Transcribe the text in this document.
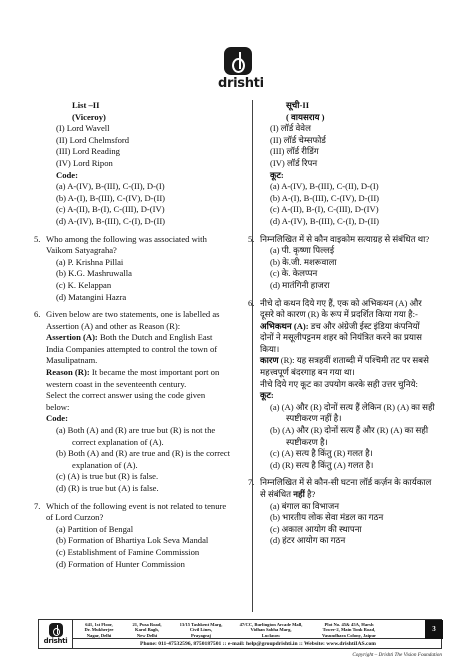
drishti
List –II
(Viceroy)
(I) Lord Wavell
(II) Lord Chelmsford
(III) Lord Reading
(IV) Lord Ripon
Code:
(a) A-(IV), B-(III), C-(II), D-(I)
(b) A-(I), B-(III), C-(IV), D-(II)
(c) A-(II), B-(I), C-(III), D-(IV)
(d) A-(IV), B-(III), C-(I), D-(II)
5. Who among the following was associated with
Vaikom Satyagraha?
(a) P. Krishna Pillai
(b) K.G. Mashruwalla
(c) K. Kelappan
(d) Matangini Hazra
6. Given below are two statements, one is labelled as
Assertion (A) and other as Reason (R):
Assertion (A): Both the Dutch and English East
India Companies attempted to control the town of
Masulipatnam.
Reason (R): It became the most important port on
western coast in the seventeenth century.
Select the correct answer using the code given
below:
Code:
(a) Both (A) and (R) are true but (R) is not the
correct explanation of (A).
(b) Both (A) and (R) are true and (R) is the correct
explanation of (A).
(c) (A) is true but (R) is false.
(d) (R) is true but (A) is false.
7. Which of the following event is not related to tenure
of Lord Curzon?
(a) Partition of Bengal
(b) Formation of Bhartiya Lok Seva Mandal
(c) Establishment of Famine Commission
(d) Formation of Hunter Commission
सूची-II
( वायसराय )
(I) लॉर्ड वेवेल
(II) लॉर्ड चेम्सफोर्ड
(III) लॉर्ड रीडिंग
(IV) लॉर्ड रिपन
कूट:
(a) A-(IV), B-(III), C-(II), D-(I)
(b) A-(I), B-(III), C-(IV), D-(II)
(c) A-(II), B-(I), C-(III), D-(IV)
(d) A-(IV), B-(III), C-(I), D-(II)
5. निम्नलिखित में से कौन वाइकोम सत्याग्रह से संबंधित था?
(a) पी. कृष्णा पिल्लई
(b) के.जी. मशरूवाला
(c) के. केलप्पन
(d) मातंगिनी हाजरा
6. नीचे दो कथन दिये गए हैं, एक को अभिकथन (A) और
दूसरे को कारण (R) के रूप में प्रदर्शित किया गया है:-
अभिकथन (A): डच और अंग्रेजी ईस्ट इंडिया कंपनियों
दोनों ने मसूलीपट्टनम शहर को नियंत्रित करने का प्रयास
किया।
कारण (R): यह सत्रहवीं शताब्दी में पश्चिमी तट पर सबसे
महत्त्वपूर्ण बंदरगाह बन गया था।
नीचे दिये गए कूट का उपयोग करके सही उत्तर चुनिये:
कूट:
(a) (A) और (R) दोनों सत्य हैं लेकिन (R) (A) का सही
स्पष्टीकरण नहीं है।
(b) (A) और (R) दोनों सत्य हैं और (R) (A) का सही
स्पष्टीकरण है।
(c) (A) सत्य है किंतु (R) गलत है।
(d) (R) सत्य है किंतु (A) गलत है।
7. निम्नलिखित में से कौन-सी घटना लॉर्ड कर्ज़न के कार्यकाल
से संबंधित नहीं है?
(a) बंगाल का विभाजन
(b) भारतीय लोक सेवा मंडल का गठन
(c) अकाल आयोग की स्थापना
(d) हंटर आयोग का गठन
drishti
641, 1st Floor,
Dr. Mukherjee
Nagar, Delhi
21, Pusa Road,
Karol Bagh,
New Delhi
13/15 Tashkent Marg,
Civil Lines,
Prayagraj
47/CC, Burlington Arcade Mall,
Vidhan Sabha Marg,
Lucknow
Plot No. 45& 45A, Harsh
Tower-2, Main Tonk Road,
Vasundhara Colony, Jaipur
3
Phone: 011-47532596, 8750187501 :: e-mail: help@groupdrishti.in :: Website: www.drishtiIAS.com
Copyright – Drishti The Vision Foundation
